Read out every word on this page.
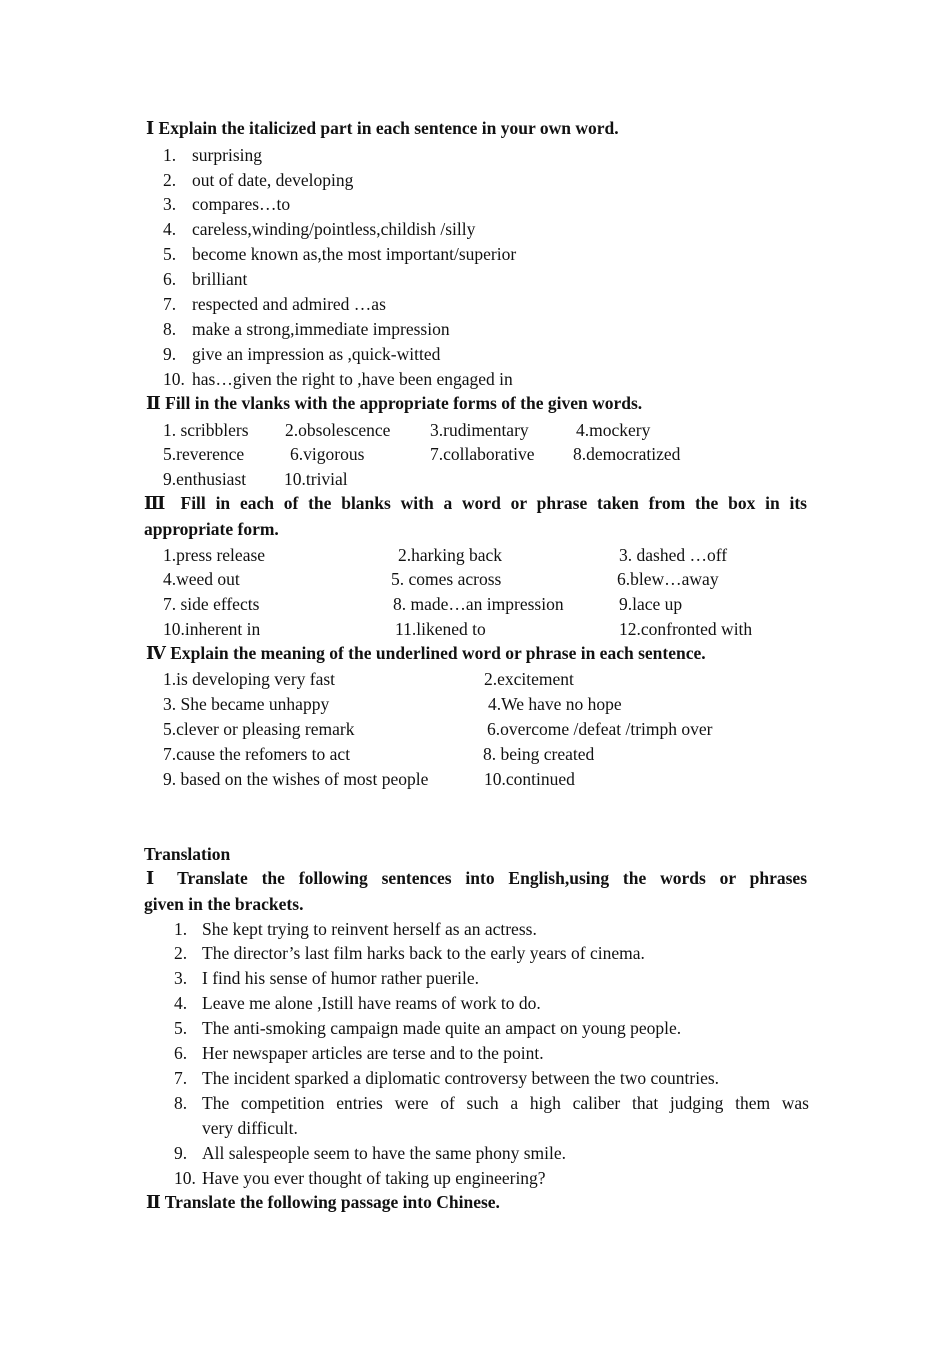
Ⅰ Explain the italicized part in each sentence in your own word.
1. surprising
2. out of date, developing
3. compares…to
4. careless,winding/pointless,childish /silly
5. become known as,the most important/superior
6. brilliant
7. respected and admired …as
8. make a strong,immediate impression
9. give an impression as ,quick-witted
10. has…given the right to ,have been engaged in
Ⅱ Fill in the vlanks with the appropriate forms of the given words.
1. scribblers 2.obsolescence 3.rudimentary	4.mockery
5.reverence	6.vigorous	7.collaborative 8.democratized
9.enthusiast 10.trivial
Ⅲ Fill in each of the blanks with a word or phrase taken from the box in its
appropriate form.
1.press release	2.harking back	3. dashed …off
4.weed out	5. comes across	6.blew…away
7. side effects	8. made…an impression	9.lace up
10.inherent in	11.likened to	12.confronted with
Ⅳ Explain the meaning of the underlined word or phrase in each sentence.
1.is developing very fast	2.excitement
3. She became unhappy	4.We have no hope
5.clever or pleasing remark	6.overcome /defeat /trimph over
7.cause the refomers to act	8. being created
9. based on the wishes of most people	10.continued
Translation
Ⅰ Translate the following sentences into English,using the words or phrases
given in the brackets.
1. She kept trying to reinvent herself as an actress.
2. The director’s last film harks back to the early years of cinema.
3. I find his sense of humor rather puerile.
4. Leave me alone ,Istill have reams of work to do.
5. The anti-smoking campaign made quite an ampact on young people.
6. Her newspaper articles are terse and to the point.
7. The incident sparked a diplomatic controversy between the two countries.
8. The competition entries were of such a high caliber that judging them was
very difficult.
9. All salespeople seem to have the same phony smile.
10. Have you ever thought of taking up engineering?
Ⅱ Translate the following passage into Chinese.
